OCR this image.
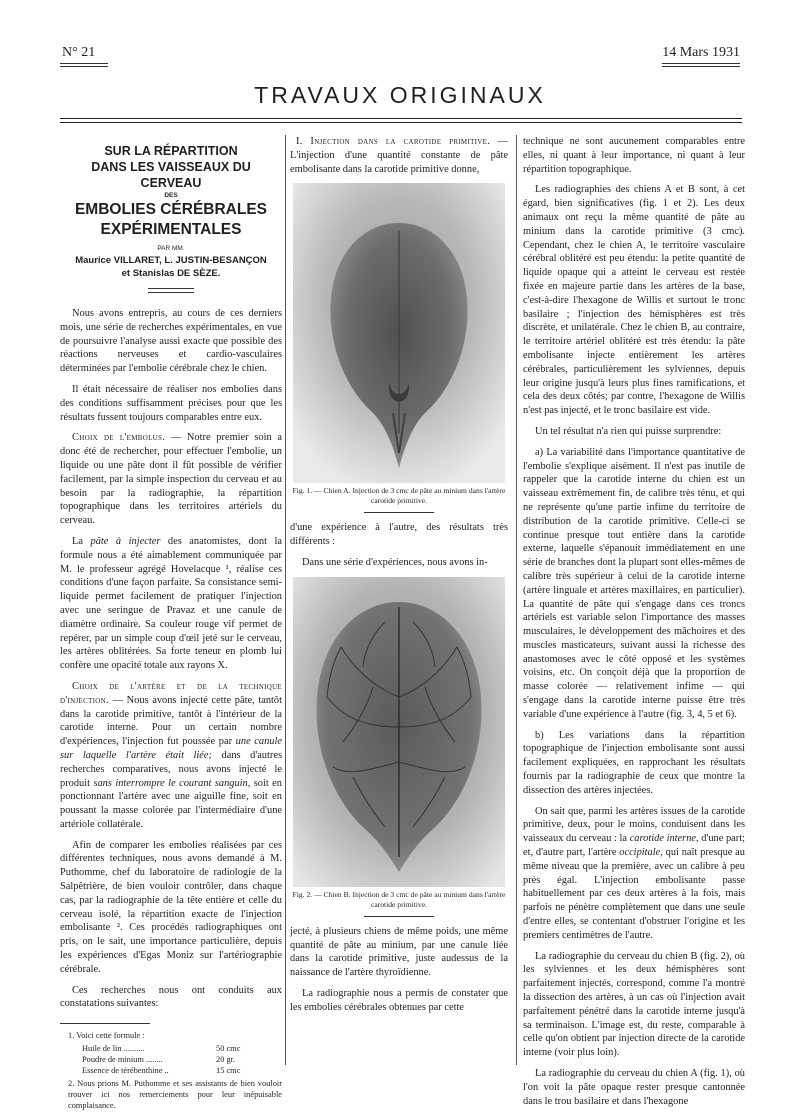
N° 21	14 Mars 1931
TRAVAUX ORIGINAUX
SUR LA RÉPARTITION
DANS LES VAISSEAUX DU CERVEAU
DES
EMBOLIES CÉRÉBRALES
EXPÉRIMENTALES
PAR MM.
Maurice VILLARET, L. JUSTIN-BESANÇON
et Stanislas DE SÈZE.

Nous avons entrepris, au cours de ces derniers mois, une série de recherches expérimentales, en vue de poursuivre l'analyse aussi exacte que possible des réactions nerveuses et cardio-vasculaires déterminées par l'embolie cérébrale chez le chien.

Il était nécessaire de réaliser nos embolies dans des conditions suffisamment précises pour que les résultats fussent toujours comparables entre eux.

Choix de l'embolus. — Notre premier soin a donc été de rechercher, pour effectuer l'embolie, un liquide ou une pâte dont il fût possible de vérifier facilement, par la simple inspection du cerveau et au besoin par la radiographie, la répartition topographique dans les territoires artériels du cerveau.

La pâte à injecter des anatomistes, dont la formule nous a été aimablement communiquée par M. le professeur agrégé Hovelacque ¹, réalise ces conditions d'une façon parfaite. Sa consistance semi-liquide permet facilement de pratiquer l'injection avec une seringue de Pravaz et une canule de diamètre ordinaire. Sa couleur rouge vif permet de repérer, par un simple coup d'œil jeté sur le cerveau, les artères oblitérées. Sa forte teneur en plomb lui confère une opacité totale aux rayons X.

Choix de l'artère et de la technique d'injection. — Nous avons injecté cette pâte, tantôt dans la carotide primitive, tantôt à l'intérieur de la carotide interne. Pour un certain nombre d'expériences, l'injection fut poussée par une canule sur laquelle l'artère était liée; dans d'autres recherches comparatives, nous avons injecté le produit sans interrompre le courant sanguin, soit en ponctionnant l'artère avec une aiguille fine, soit en poussant la masse colorée par l'intermédiaire d'une artériole collatérale.

Afin de comparer les embolies réalisées par ces différentes techniques, nous avons demandé à M. Puthomme, chef du laboratoire de radiologie de la Salpêtrière, de bien vouloir contrôler, dans chaque cas, par la radiographie de la tête entière et celle du cerveau isolé, la répartition exacte de l'injection embolisante ². Ces procédés radiographiques ont pris, on le sait, une importance particulière, depuis les expériences d'Egas Moniz sur l'artériographie cérébrale.

Ces recherches nous ont conduits aux constatations suivantes:

1. Voici cette formule :

Huile de lin ..........	50 cmc
Poudre de minium ........	20 gr.
Essence de térébenthine ..	15 cmc

2. Nous prions M. Puthomme et ses assistants de bien vouloir trouver ici nos remerciements pour leur inépuisable complaisance.

I. Injection dans la carotide primitive. — L'injection d'une quantité constante de pâte embolisante dans la carotide primitive donne,

Fig. 1. — Chien A. Injection de 3 cmc de pâte au minium dans l'artère carotide primitive.

d'une expérience à l'autre, des résultats très différents :

Dans une série d'expériences, nous avons in-

Fig. 2. — Chien B. Injection de 3 cmc de pâte au minium dans l'artère carotide primitive.

jecté, à plusieurs chiens de même poids, une même quantité de pâte au minium, par une canule liée dans la carotide primitive, juste audessus de la naissance de l'artère thyroïdienne.

La radiographie nous a permis de constater que les embolies cérébrales obtenues par cette

technique ne sont aucunement comparables entre elles, ni quant à leur importance, ni quant à leur répartition topographique.

Les radiographies des chiens A et B sont, à cet égard, bien significatives (fig. 1 et 2). Les deux animaux ont reçu la même quantité de pâte au minium dans la carotide primitive (3 cmc). Cependant, chez le chien A, le territoire vasculaire cérébral oblitéré est peu étendu: la petite quantité de liquide opaque qui a atteint le cerveau est restée fixée en majeure partie dans les artères de la base, c'est-à-dire l'hexagone de Willis et surtout le tronc basilaire ; l'injection des hémisphères est très discrète, et unilatérale. Chez le chien B, au contraire, le territoire artériel oblitéré est très étendu: la pâte embolisante injecte entièrement les artères cérébrales, particulièrement les sylviennes, depuis leur origine jusqu'à leurs plus fines ramifications, et cela des deux côtés; par contre, l'hexagone de Willis n'est pas injecté, et le tronc basilaire est vide.

Un tel résultat n'a rien qui puisse surprendre:

a) La variabilité dans l'importance quantitative de l'embolie s'explique aisément. Il n'est pas inutile de rappeler que la carotide interne du chien est un vaisseau extrêmement fin, de calibre très ténu, et qui ne représente qu'une partie infime du territoire de distribution de la carotide primitive. Celle-ci se continue presque tout entière dans la carotide externe, laquelle s'épanouit immédiatement en une série de branches dont la plupart sont elles-mêmes de calibre très supérieur à celui de la carotide interne (artère linguale et artères maxillaires, en particulier). La quantité de pâte qui s'engage dans ces troncs artériels est variable selon l'importance des masses musculaires, le développement des mâchoires et des muscles masticateurs, suivant aussi la richesse des anastomoses avec le côté opposé et les systèmes voisins, etc. On conçoit déjà que la proportion de masse colorée — relativement infime — qui s'engage dans la carotide interne puisse être très variable d'une expérience à l'autre (fig. 3, 4, 5 et 6).

b) Les variations dans la répartition topographique de l'injection embolisante sont aussi facilement expliquées, en rapprochant les résultats fournis par la radiographie de ceux que montre la dissection des artères injectées.

On sait que, parmi les artères issues de la carotide primitive, deux, pour le moins, conduisent dans les vaisseaux du cerveau : la carotide interne, d'une part; et, d'autre part, l'artère occipitale, qui naît presque au même niveau que la première, avec un calibre à peu près égal. L'injection embolisante passe habituellement par ces deux artères à la fois, mais parfois ne pénètre complètement que dans une seule d'entre elles, se contentant d'obstruer l'origine et les premiers centimètres de l'autre.

La radiographie du cerveau du chien B (fig. 2), où les sylviennes et les deux hémisphères sont parfaitement injectés, correspond, comme l'a montré la dissection des artères, à un cas où l'injection avait parfaitement pénétré dans la carotide interne jusqu'à sa terminaison. L'image est, du reste, comparable à celle qu'on obtient par injection directe de la carotide interne (voir plus loin).

La radiographie du cerveau du chien A (fig. 1), où l'on voit la pâte opaque rester presque cantonnée dans le trou basilaire et dans l'hexagone
